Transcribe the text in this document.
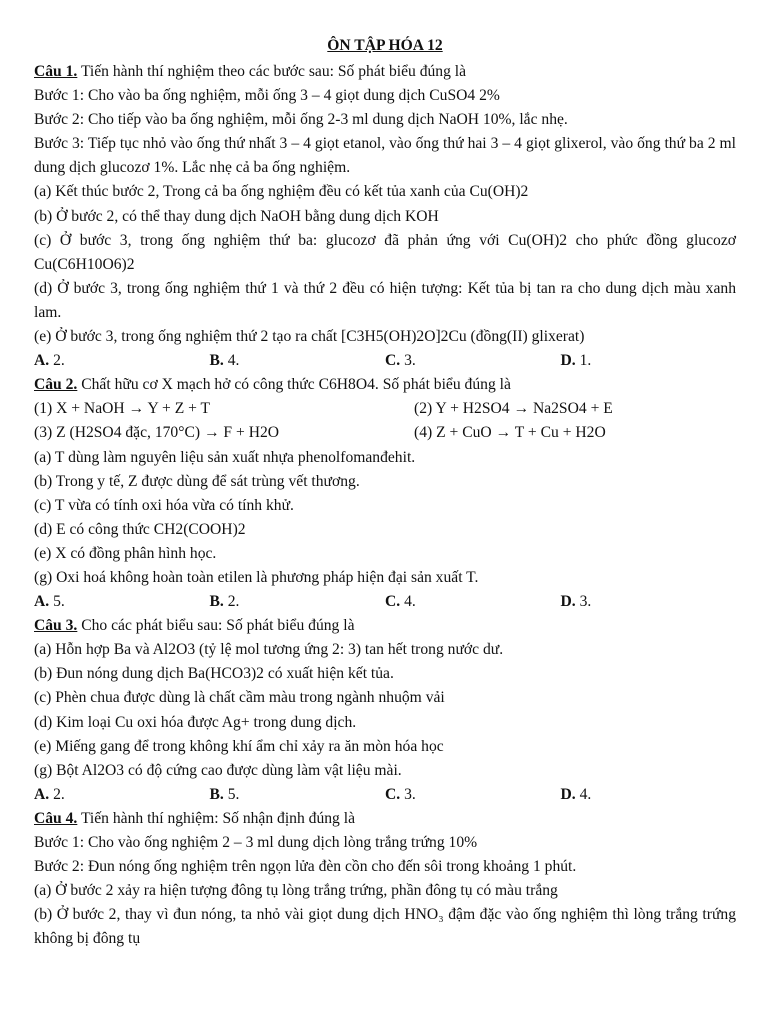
ÔN TẬP HÓA 12

Câu 1. Tiến hành thí nghiệm theo các bước sau: Số phát biểu đúng là

Bước 1: Cho vào ba ống nghiệm, mỗi ống 3 – 4 giọt dung dịch CuSO4 2%

Bước 2: Cho tiếp vào ba ống nghiệm, mỗi ống 2-3 ml dung dịch NaOH 10%, lắc nhẹ.

Bước 3: Tiếp tục nhỏ vào ống thứ nhất 3 – 4 giọt etanol, vào ống thứ hai 3 – 4 giọt glixerol, vào ống thứ ba 2 ml dung dịch glucozơ 1%. Lắc nhẹ cả ba ống nghiệm.

(a) Kết thúc bước 2, Trong cả ba ống nghiệm đều có kết tủa xanh của Cu(OH)2

(b) Ở bước 2, có thể thay dung dịch NaOH bằng dung dịch KOH

(c) Ở bước 3, trong ống nghiệm thứ ba: glucozơ đã phản ứng với Cu(OH)2 cho phức đồng glucozơ Cu(C6H10O6)2

(d) Ở bước 3, trong ống nghiệm thứ 1 và thứ 2 đều có hiện tượng: Kết tủa bị tan ra cho dung dịch màu xanh lam.

(e) Ở bước 3, trong ống nghiệm thứ 2 tạo ra chất [C3H5(OH)2O]2Cu (đồng(II) glixerat)

A. 2.	B. 4.	C. 3.	D. 1.

Câu 2. Chất hữu cơ X mạch hở có công thức C6H8O4. Số phát biểu đúng là

(1) X + NaOH → Y + Z + T	(2) Y + H2SO4 → Na2SO4 + E
(3) Z (H2SO4 đặc, 170°C) → F + H2O	(4) Z + CuO → T + Cu + H2O

(a) T dùng làm nguyên liệu sản xuất nhựa phenolfomanđehit.

(b) Trong y tế, Z được dùng để sát trùng vết thương.

(c) T vừa có tính oxi hóa vừa có tính khử.

(d) E có công thức CH2(COOH)2

(e) X có đồng phân hình học.

(g) Oxi hoá không hoàn toàn etilen là phương pháp hiện đại sản xuất T.

A. 5.	B. 2.	C. 4.	D. 3.

Câu 3. Cho các phát biểu sau: Số phát biểu đúng là

(a) Hỗn hợp Ba và Al2O3 (tỷ lệ mol tương ứng 2: 3) tan hết trong nước dư.

(b) Đun nóng dung dịch Ba(HCO3)2 có xuất hiện kết tủa.

(c) Phèn chua được dùng là chất cầm màu trong ngành nhuộm vải

(d) Kim loại Cu oxi hóa được Ag+ trong dung dịch.

(e) Miếng gang để trong không khí ẩm chỉ xảy ra ăn mòn hóa học

(g) Bột Al2O3 có độ cứng cao được dùng làm vật liệu mài.

A. 2.	B. 5.	C. 3.	D. 4.

Câu 4. Tiến hành thí nghiệm: Số nhận định đúng là

Bước 1: Cho vào ống nghiệm 2 – 3 ml dung dịch lòng trắng trứng 10%

Bước 2: Đun nóng ống nghiệm trên ngọn lửa đèn cồn cho đến sôi trong khoảng 1 phút.

(a) Ở bước 2 xảy ra hiện tượng đông tụ lòng trắng trứng, phần đông tụ có màu trắng

(b) Ở bước 2, thay vì đun nóng, ta nhỏ vài giọt dung dịch HNO₃ đậm đặc vào ống nghiệm thì lòng trắng trứng không bị đông tụ
